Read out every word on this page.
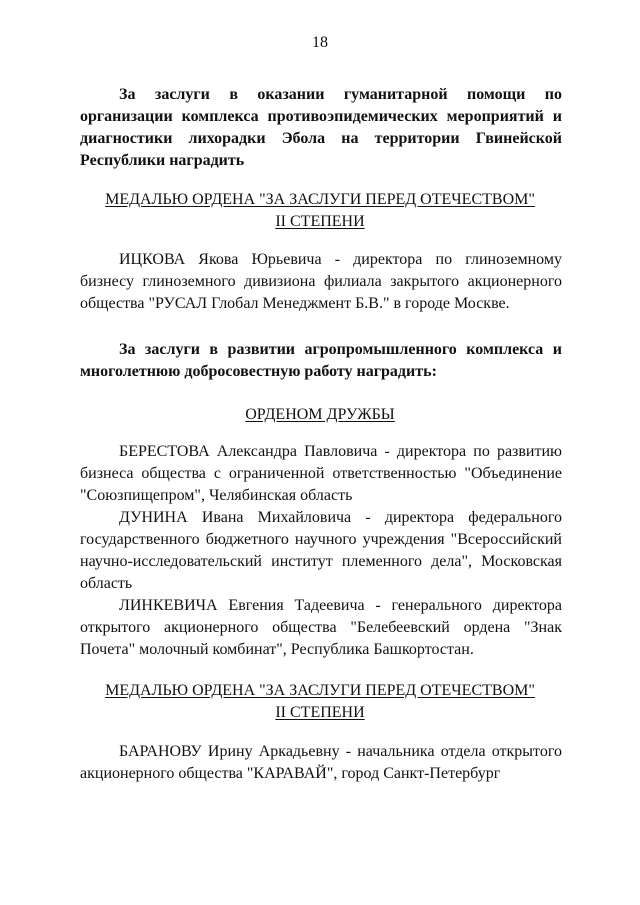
18
За заслуги в оказании гуманитарной помощи по организации комплекса противоэпидемических мероприятий и диагностики лихорадки Эбола на территории Гвинейской Республики наградить
МЕДАЛЬЮ ОРДЕНА "ЗА ЗАСЛУГИ ПЕРЕД ОТЕЧЕСТВОМ"
II СТЕПЕНИ

ИЦКОВА Якова Юрьевича - директора по глиноземному бизнесу глиноземного дивизиона филиала закрытого акционерного общества "РУСАЛ Глобал Менеджмент Б.В." в городе Москве.

За заслуги в развитии агропромышленного комплекса и многолетнюю добросовестную работу наградить:
ОРДЕНОМ ДРУЖБЫ

БЕРЕСТОВА Александра Павловича - директора по развитию бизнеса общества с ограниченной ответственностью "Объединение "Союзпищепром", Челябинская область

ДУНИНА Ивана Михайловича - директора федерального государственного бюджетного научного учреждения "Всероссийский научно-исследовательский институт племенного дела", Московская область

ЛИНКЕВИЧА Евгения Тадеевича - генерального директора открытого акционерного общества "Белебеевский ордена "Знак Почета" молочный комбинат", Республика Башкортостан.

МЕДАЛЬЮ ОРДЕНА "ЗА ЗАСЛУГИ ПЕРЕД ОТЕЧЕСТВОМ"
II СТЕПЕНИ

БАРАНОВУ Ирину Аркадьевну - начальника отдела открытого акционерного общества "КАРАВАЙ", город Санкт-Петербург
